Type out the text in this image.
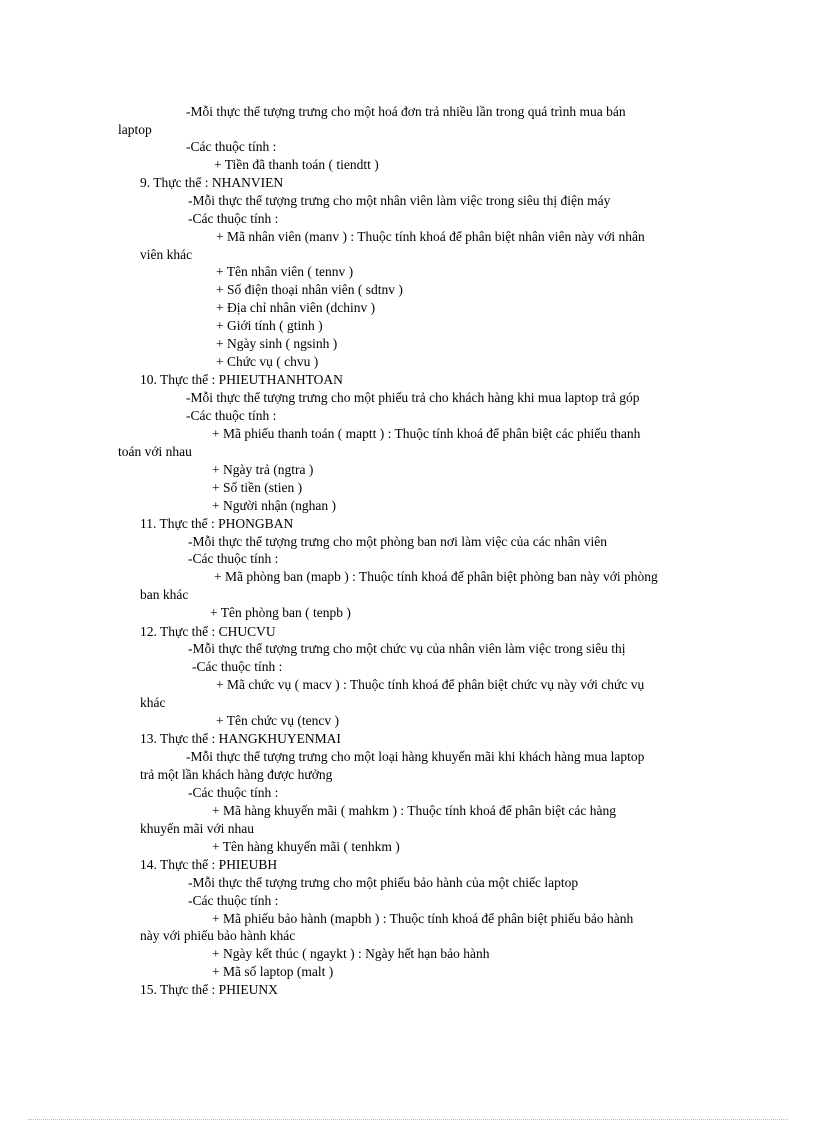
-Mỗi thực thể tượng trưng cho một hoá đơn trả nhiều lần trong quá trình mua bán
laptop
-Các thuộc tính :
+ Tiền đã thanh toán ( tiendtt )
9. Thực thể : NHANVIEN
-Mỗi thực thể tượng trưng cho một nhân viên làm việc trong siêu thị điện máy
-Các thuộc tính :
+ Mã nhân viên (manv ) : Thuộc tính khoá để phân biệt nhân viên này với nhân
viên khác
+ Tên nhân viên ( tennv )
+ Số điện thoại nhân viên ( sdtnv )
+ Địa chỉ nhân viên (dchinv )
+ Giới tính ( gtinh )
+ Ngày sinh ( ngsinh )
+ Chức vụ ( chvu )
10. Thực thể : PHIEUTHANHTOAN
-Mỗi thực thể tượng trưng cho một phiếu trả cho khách hàng khi mua laptop trả góp
-Các thuộc tính :
+ Mã phiếu thanh toán ( maptt ) : Thuộc tính khoá để phân biệt các phiếu thanh
toán với nhau
+ Ngày trả (ngtra )
+ Số tiền (stien )
+ Người nhận (nghan )
11. Thực thể : PHONGBAN
-Mỗi thực thể tượng trưng cho một phòng ban nơi làm việc của các nhân viên
-Các thuộc tính :
+ Mã phòng ban (mapb ) : Thuộc tính khoá để phân biệt phòng ban này với phòng
ban khác
+ Tên phòng ban ( tenpb )
12. Thực thể : CHUCVU
-Mỗi thực thể tượng trưng cho một chức vụ của nhân viên làm việc trong siêu thị
-Các thuộc tính :
+ Mã chức vụ ( macv ) : Thuộc tính khoá để phân biệt chức vụ này với chức vụ
khác
+ Tên chức vụ (tencv )
13. Thực thể : HANGKHUYENMAI
-Mỗi thực thể tượng trưng cho một loại hàng khuyến mãi khi khách hàng mua laptop
trả một lần khách hàng được hưởng
-Các thuộc tính :
+ Mã hàng khuyến mãi ( mahkm ) : Thuộc tính khoá để phân biệt các hàng
khuyến mãi với nhau
+ Tên hàng khuyến mãi ( tenhkm )
14. Thực thể : PHIEUBH
-Mỗi thực thể tượng trưng cho một phiếu bảo hành của một chiếc laptop
-Các thuộc tính :
+ Mã phiếu bảo hành (mapbh ) : Thuộc tính khoá để phân biệt phiếu bảo hành
này với phiếu bảo hành khác
+ Ngày kết thúc ( ngaykt ) : Ngày hết hạn bảo hành
+ Mã số laptop (malt )
15. Thực thể : PHIEUNX
